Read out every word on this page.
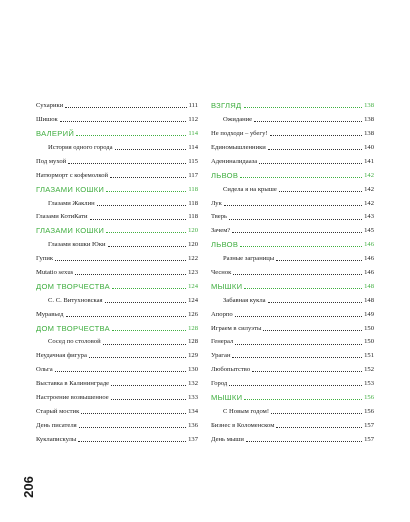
Сухарики	111
Шишок	112
ВАЛЕРИЙ	114
История одного города	114
Под мухой	115
Натюрморт с кофемолкой	117
ГЛАЗАМИ КОШКИ	118
Глазами Жаклин	118
Глазами КотиКати	118
ГЛАЗАМИ КОШКИ	120
Глазами кошки Юки	120
Гупик	122
Mutatio sexus	123
ДОМ ТВОРЧЕСТВА	124
С. С. Витухновская	124
Муравьед	126
ДОМ ТВОРЧЕСТВА	128
Сосед по столовой	128
Неудачная фигура	129
Ольга	130
Выставка в Калининграде	132
Настроение возвышенное	133
Старый мостик	134
День писателя	136
Куклапискулы	137
ВЗГЛЯД	138
Ожидание	138
Не подходи – убегу!	138
Единомышленники	140
Адениналидааза	141
ЛЬВОВ	142
Сидела я на крыше	142
Лук	142
Тверь	143
Зачем?	145
ЛЬВОВ	146
Разные заграницы	146
Чеснок	146
МЫШКИ	148
Забавная кукла	148
Апорпо	149
Играем в силуэты	150
Генерал	150
Ураган	151
Любопытство	152
Город	153
МЫШКИ	156
С Новым годом!	156
Бизнес в Коломенском	157
День мыши	157
206
